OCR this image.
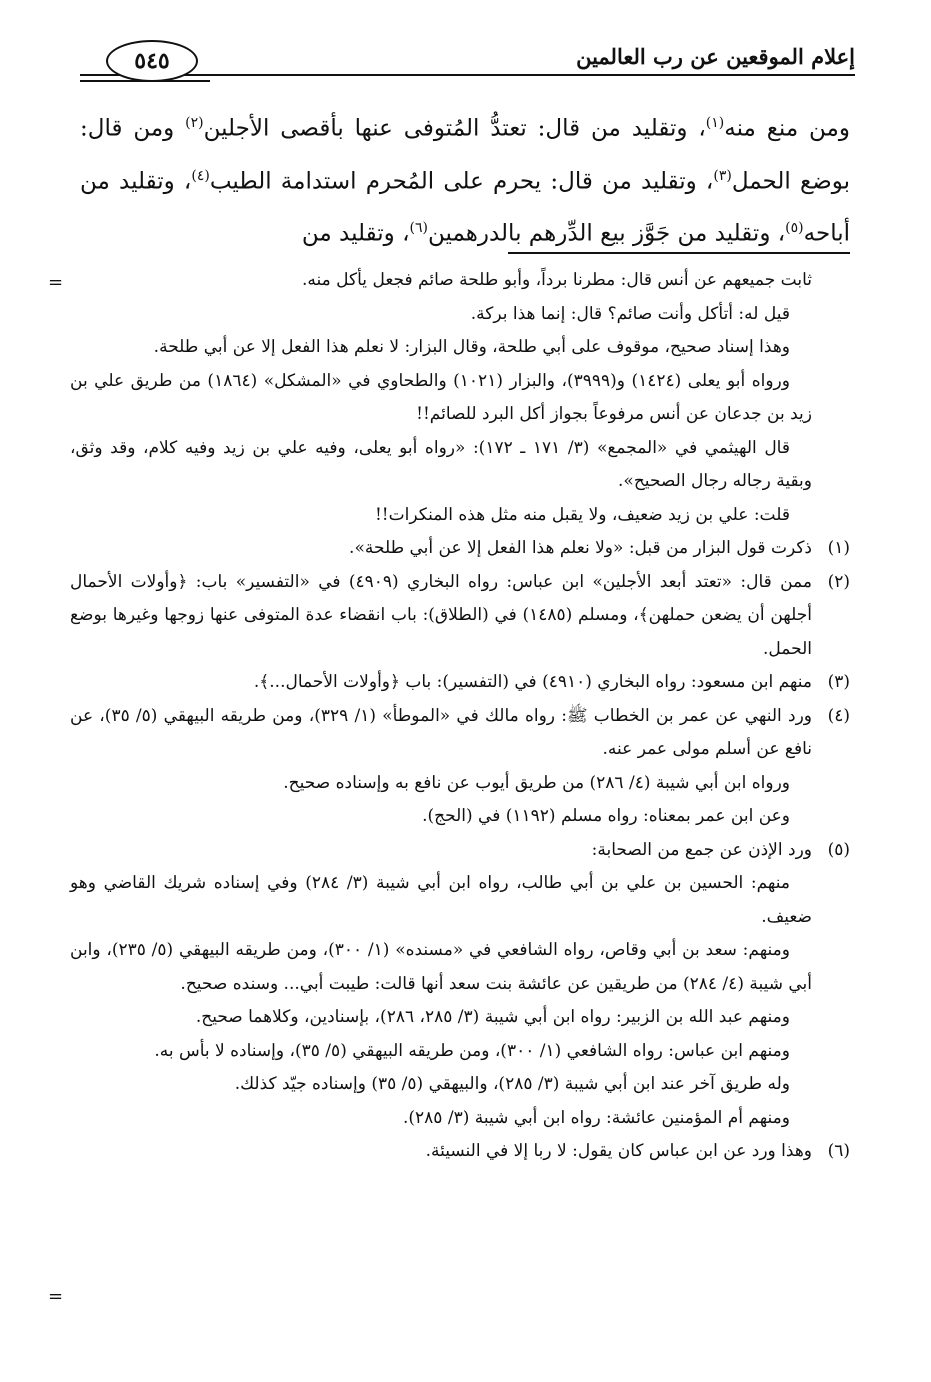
إعلام الموقعين عن رب العالمين
٥٤٥

ومن منع منه$^{(١)}$، وتقليد من قال: تعتدُّ المُتوفى عنها بأقصى الأجلين$^{(٢)}$ ومن قال: بوضع الحمل$^{(٣)}$، وتقليد من قال: يحرم على المُحرم استدامة الطيب$^{(٤)}$، وتقليد من أباحه$^{(٥)}$، وتقليد من جَوَّز بيع الدِّرهم بالدرهمين$^{(٦)}$، وتقليد من

=	ثابت جميعهم عن أنس قال: مطرنا برداً، وأبو طلحة صائم فجعل يأكل منه.
قيل له: أتأكل وأنت صائم؟ قال: إنما هذا بركة.
وهذا إسناد صحيح، موقوف على أبي طلحة، وقال البزار: لا نعلم هذا الفعل إلا عن أبي طلحة.
ورواه أبو يعلى (١٤٢٤) و(٣٩٩٩)، والبزار (١٠٢١) والطحاوي في «المشكل» (١٨٦٤) من طريق علي بن زيد بن جدعان عن أنس مرفوعاً بجواز أكل البرد للصائم!!
قال الهيثمي في «المجمع» (٣/ ١٧١ ـ ١٧٢): «رواه أبو يعلى، وفيه علي بن زيد وفيه كلام، وقد وثق، وبقية رجاله رجال الصحيح».
قلت: علي بن زيد ضعيف، ولا يقبل منه مثل هذه المنكرات!!
(١)
ذكرت قول البزار من قبل: «ولا نعلم هذا الفعل إلا عن أبي طلحة».
(٢)
ممن قال: «تعتد أبعد الأجلين» ابن عباس: رواه البخاري (٤٩٠٩) في «التفسير» باب: ﴿وأولات الأحمال أجلهن أن يضعن حملهن﴾، ومسلم (١٤٨٥) في (الطلاق): باب انقضاء عدة المتوفى عنها زوجها وغيرها بوضع الحمل.
(٣)
منهم ابن مسعود: رواه البخاري (٤٩١٠) في (التفسير): باب ﴿وأولات الأحمال...﴾.
(٤)
ورد النهي عن عمر بن الخطاب ﷺ: رواه مالك في «الموطأ» (١/ ٣٢٩)، ومن طريقه البيهقي (٥/ ٣٥)، عن نافع عن أسلم مولى عمر عنه.
ورواه ابن أبي شيبة (٤/ ٢٨٦) من طريق أيوب عن نافع به وإسناده صحيح.
وعن ابن عمر بمعناه: رواه مسلم (١١٩٢) في (الحج).
(٥)
ورد الإذن عن جمع من الصحابة:
منهم: الحسين بن علي بن أبي طالب، رواه ابن أبي شيبة (٣/ ٢٨٤) وفي إسناده شريك القاضي وهو ضعيف.
ومنهم: سعد بن أبي وقاص، رواه الشافعي في «مسنده» (١/ ٣٠٠)، ومن طريقه البيهقي (٥/ ٢٣٥)، وابن أبي شيبة (٤/ ٢٨٤) من طريقين عن عائشة بنت سعد أنها قالت: طيبت أبي... وسنده صحيح.
ومنهم عبد الله بن الزبير: رواه ابن أبي شيبة (٣/ ٢٨٥، ٢٨٦)، بإسنادين، وكلاهما صحيح.
ومنهم ابن عباس: رواه الشافعي (١/ ٣٠٠)، ومن طريقه البيهقي (٥/ ٣٥)، وإسناده لا بأس به.
وله طريق آخر عند ابن أبي شيبة (٣/ ٢٨٥)، والبيهقي (٥/ ٣٥) وإسناده جيّد كذلك.
ومنهم أم المؤمنين عائشة: رواه ابن أبي شيبة (٣/ ٢٨٥).
(٦)
وهذا ورد عن ابن عباس كان يقول: لا ربا إلا في النسيئة.
=
